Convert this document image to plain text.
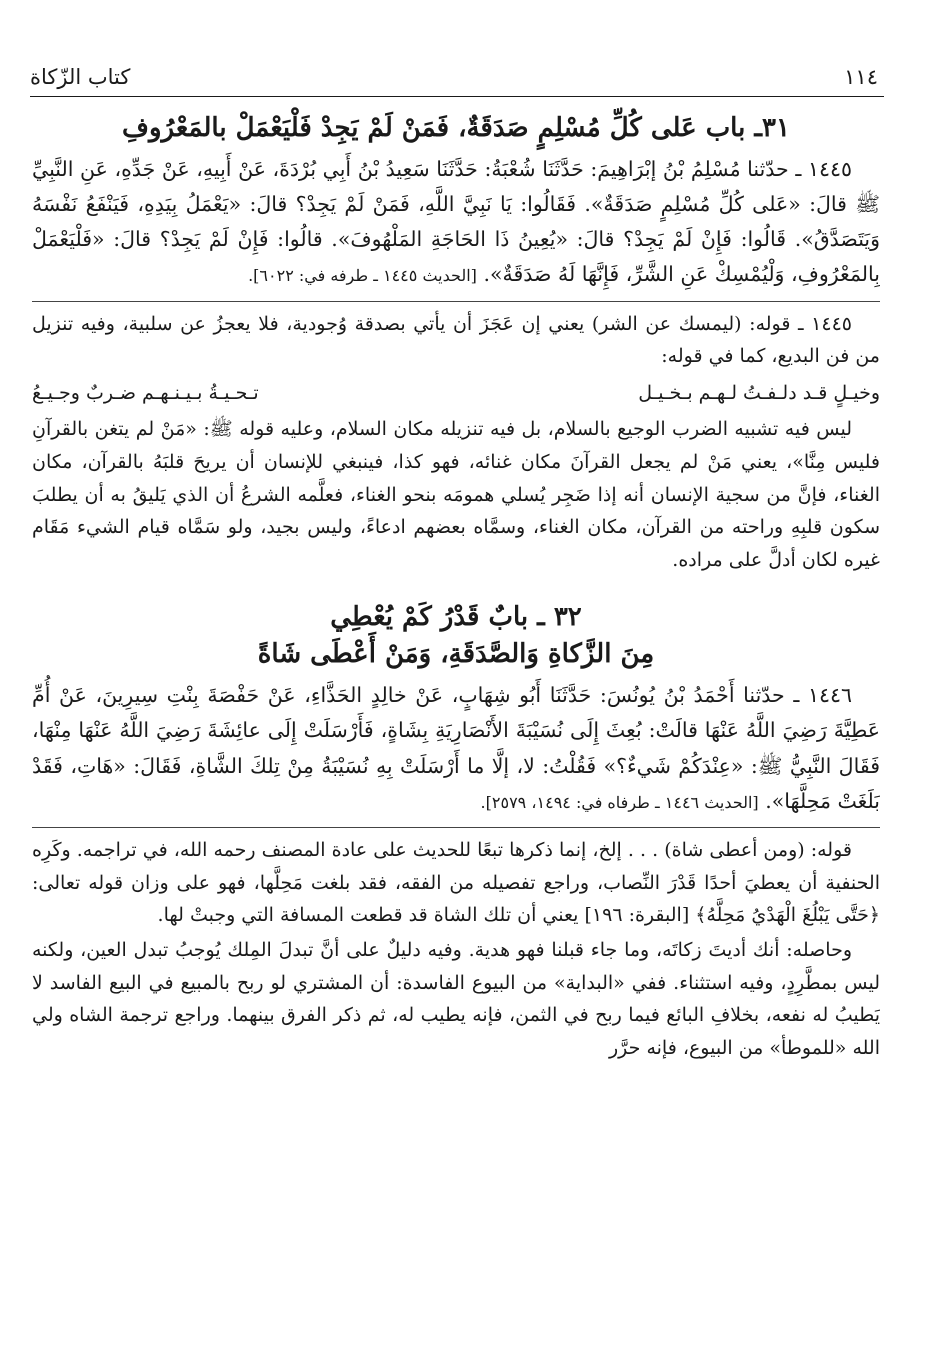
١١٤
كتاب الزّكاة
٣١ـ باب عَلى كُلِّ مُسْلِمٍ صَدَقَةٌ، فَمَنْ لَمْ يَجِدْ فَلْيَعْمَلْ بالمَعْرُوفِ

١٤٤٥ ـ حدّثنا مُسْلِمُ بْنُ إبْرَاهِيمَ: حَدَّثَنَا شُعْبَةُ: حَدَّثَنَا سَعِيدُ بْنُ أَبِي بُرْدَةَ، عَنْ أَبِيهِ، عَنْ جَدِّهِ، عَنِ النَّبِيِّ ﷺ قالَ: «عَلى كُلِّ مُسْلِمٍ صَدَقَةٌ». فَقَالُوا: يَا نَبِيَّ اللَّهِ، فَمَنْ لَمْ يَجِدْ؟ قالَ: «يَعْمَلُ بِيَدِهِ، فَيَنْفَعُ نَفْسَهُ وَيَتَصَدَّقُ». قَالُوا: فَإِنْ لَمْ يَجِدْ؟ قالَ: «يُعِينُ ذَا الحَاجَةِ المَلْهُوفَ». قالُوا: فَإِنْ لَمْ يَجِدْ؟ قالَ: «فَلْيَعْمَلْ بِالمَعْرُوفِ، وَلْيُمْسِكْ عَنِ الشَّرِّ، فَإِنَّهَا لَهُ صَدَقَةٌ». [الحديث ١٤٤٥ ـ طرفه في: ٦٠٢٢].

١٤٤٥ ـ قوله: (ليمسك عن الشر) يعني إن عَجَزَ أن يأتي بصدقة وُجودية، فلا يعجزُ عن سلبية، وفيه تنزيل من فن البديع، كما في قوله:

وخيـلٍ قـد دلـفـتُ لـهـم بـخـيـل
تـحـيـةُ بـيـنـهـم ضـربٌ وجـيـعُ

ليس فيه تشبيه الضرب الوجيع بالسلام، بل فيه تنزيله مكان السلام، وعليه قوله ﷺ: «مَنْ لم يتغن بالقرآنِ فليس مِنَّا»، يعني مَنْ لم يجعل القرآنَ مكان غنائه، فهو كذا، فينبغي للإنسان أن يريحَ قلبَهُ بالقرآن، مكان الغناء، فإنَّ من سجية الإنسان أنه إذا ضَجِر يُسلي همومَه بنحو الغناء، فعلَّمه الشرعُ أن الذي يَليقُ به أن يطلبَ سكون قلبِهِ وراحته من القرآن، مكان الغناء، وسمَّاه بعضهم ادعاءً، وليس بجيد، ولو سَمَّاه قيام الشيء مَقَام غيره لكان أدلَّ على مراده.

٣٢ ـ بابٌ قَدْرُ كَمْ يُعْطِي
مِنَ الزَّكاةِ وَالصَّدَقَةِ، وَمَنْ أَعْطَى شَاةً

١٤٤٦ ـ حدّثنا أَحْمَدُ بْنُ يُونُسَ: حَدَّثَنَا أَبُو شِهَابٍ، عَنْ خالِدٍ الحَذَّاءِ، عَنْ حَفْصَةَ بِنْتِ سِيرِينَ، عَنْ أُمِّ عَطِيَّةَ رَضِيَ اللَّهُ عَنْهَا قالَتْ: بُعِثَ إِلَى نُسَيْبَةَ الأَنْصَارِيَةِ بِشَاةٍ، فَأَرْسَلَتْ إِلَى عائِشَةَ رَضِيَ اللَّهُ عَنْهَا مِنْهَا، فَقَالَ النَّبِيُّ ﷺ: «عِنْدَكُمْ شَيءٌ؟» فَقُلْتُ: لا، إلَّا ما أَرْسَلَتْ بِهِ نُسَيْبَةُ مِنْ تِلكَ الشَّاةِ، فَقَالَ: «هَاتِ، فَقَدْ بَلَغَتْ مَحِلَّهَا». [الحديث ١٤٤٦ ـ طرفاه في: ١٤٩٤، ٢٥٧٩].

قوله: (ومن أعطى شاة) . . . إلخ، إنما ذكرها تبعًا للحديث على عادة المصنف رحمه الله، في تراجمه. وكَرِه الحنفية أن يعطيَ أحدًا قَدْرَ النِّصاب، وراجع تفصيله من الفقه، فقد بلغت مَحِلَّها، فهو على وزان قوله تعالى: ﴿حَتَّى يَبْلُغَ الْهَدْيُ مَحِلَّهُ﴾ [البقرة: ١٩٦] يعني أن تلك الشاة قد قطعت المسافة التي وجبتْ لها.

وحاصله: أنك أديتَ زكاتَه، وما جاء قبلنا فهو هدية. وفيه دليلٌ على أنَّ تبدلَ المِلك يُوجبُ تبدل العين، ولكنه ليس بمطَّرِدٍ، وفيه استثناء. ففي «البداية» من البيوع الفاسدة: أن المشتري لو ربح بالمبيع في البيع الفاسد لا يَطيبُ له نفعه، بخلافِ البائع فيما ربح في الثمن، فإنه يطيب له، ثم ذكر الفرق بينهما. وراجع ترجمة الشاه ولي الله «للموطأ» من البيوع، فإنه حرَّر
